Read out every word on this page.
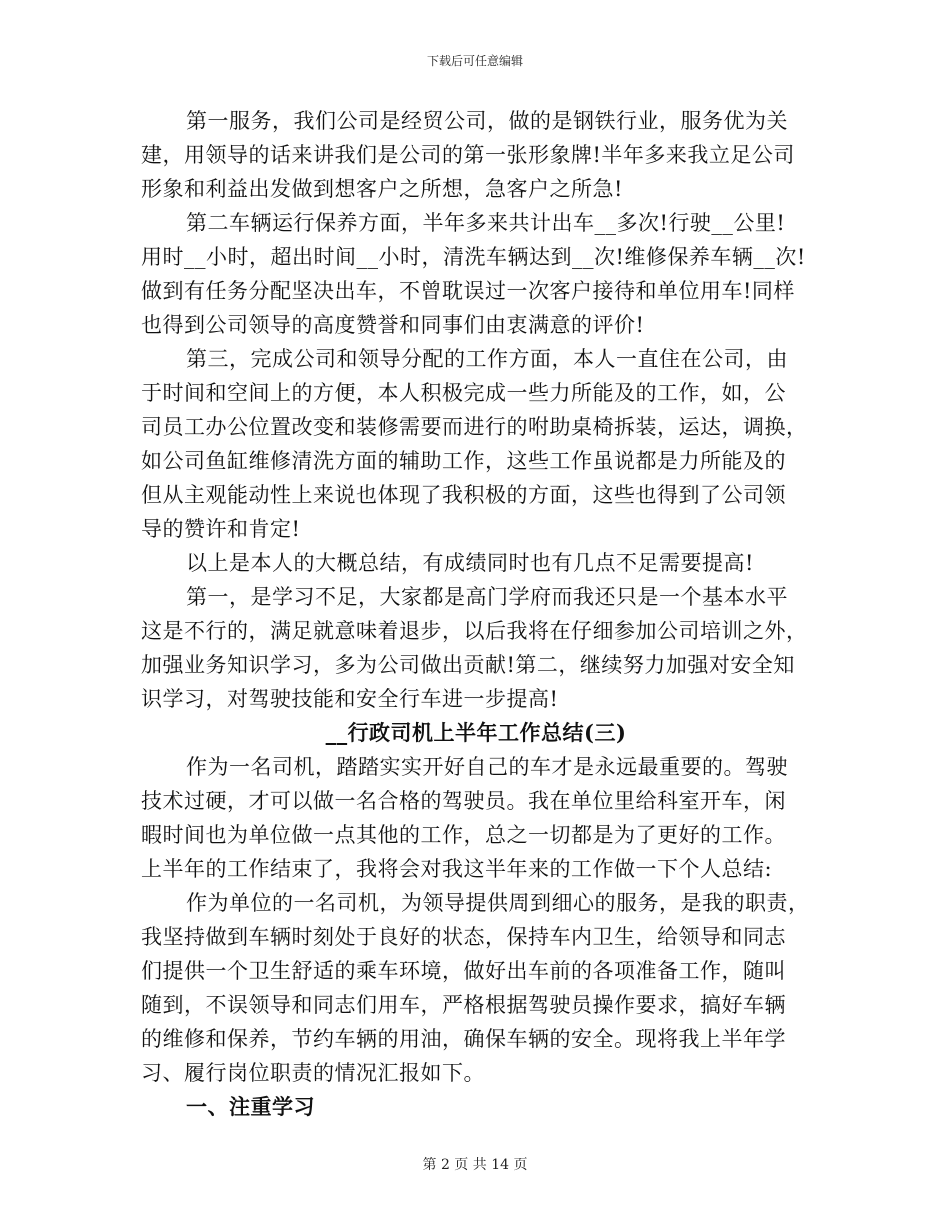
下载后可任意编辑
第一服务，我们公司是经贸公司，做的是钢铁行业，服务优为关
建，用领导的话来讲我们是公司的第一张形象牌!半年多来我立足公司
形象和利益出发做到想客户之所想，急客户之所急!
第二车辆运行保养方面，半年多来共计出车__多次!行驶__公里!
用时__小时，超出时间__小时，清洗车辆达到__次!维修保养车辆__次!
做到有任务分配坚决出车，不曾耽误过一次客户接待和单位用车!同样
也得到公司领导的高度赞誉和同事们由衷满意的评价!
第三，完成公司和领导分配的工作方面，本人一直住在公司，由
于时间和空间上的方便，本人积极完成一些力所能及的工作，如，公
司员工办公位置改变和装修需要而进行的咐助桌椅拆装，运达，调换，
如公司鱼缸维修清洗方面的辅助工作，这些工作虽说都是力所能及的
但从主观能动性上来说也体现了我积极的方面，这些也得到了公司领
导的赞许和肯定!
以上是本人的大概总结，有成绩同时也有几点不足需要提高!
第一，是学习不足，大家都是高门学府而我还只是一个基本水平
这是不行的，满足就意味着退步，以后我将在仔细参加公司培训之外，
加强业务知识学习，多为公司做出贡献!第二，继续努力加强对安全知
识学习，对驾驶技能和安全行车进一步提高!
__行政司机上半年工作总结(三)
作为一名司机，踏踏实实开好自己的车才是永远最重要的。驾驶
技术过硬，才可以做一名合格的驾驶员。我在单位里给科室开车，闲
暇时间也为单位做一点其他的工作，总之一切都是为了更好的工作。
上半年的工作结束了，我将会对我这半年来的工作做一下个人总结:
作为单位的一名司机，为领导提供周到细心的服务，是我的职责，
我坚持做到车辆时刻处于良好的状态，保持车内卫生，给领导和同志
们提供一个卫生舒适的乘车环境，做好出车前的各项准备工作，随叫
随到，不误领导和同志们用车，严格根据驾驶员操作要求，搞好车辆
的维修和保养，节约车辆的用油，确保车辆的安全。现将我上半年学
习、履行岗位职责的情况汇报如下。
一、注重学习
第 2 页 共 14 页
